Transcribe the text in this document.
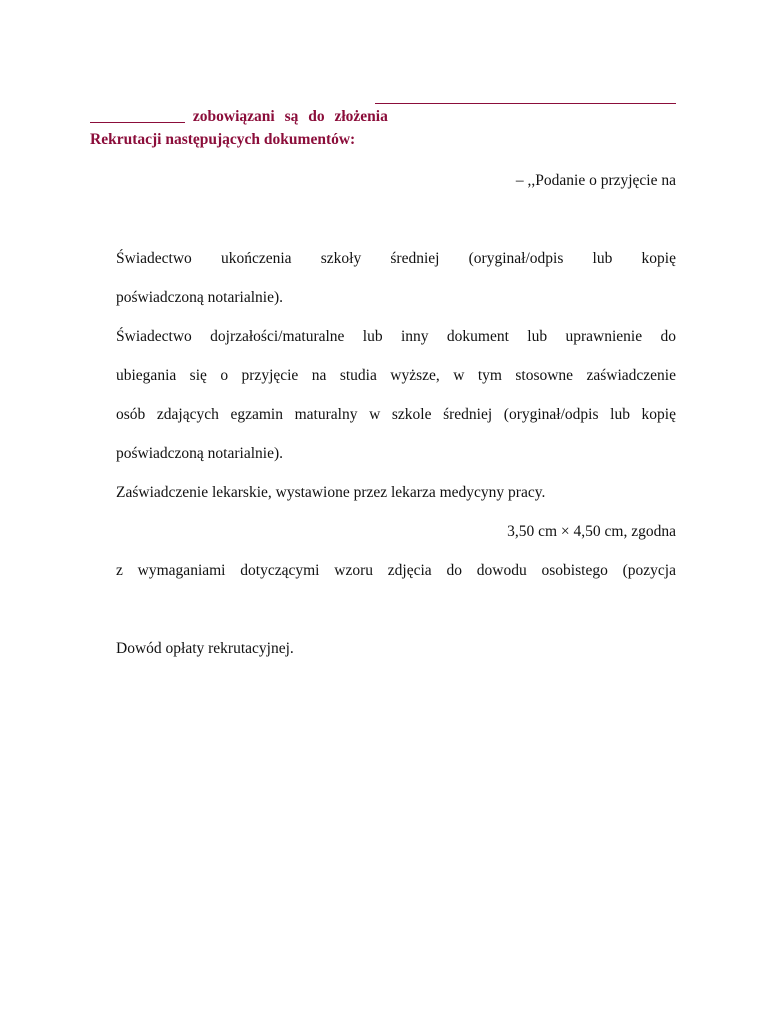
zobowiązani są do złożenia
Rekrutacji następujących dokumentów:
– ,,Podanie o przyjęcie na
Świadectwo ukończenia szkoły średniej (oryginał/odpis lub kopię
poświadczoną notarialnie).
Świadectwo dojrzałości/maturalne lub inny dokument lub uprawnienie do
ubiegania się o przyjęcie na studia wyższe, w tym stosowne zaświadczenie
osób zdających egzamin maturalny w szkole średniej (oryginał/odpis lub kopię
poświadczoną notarialnie).
Zaświadczenie lekarskie, wystawione przez lekarza medycyny pracy.
3,50 cm × 4,50 cm, zgodna
z wymaganiami dotyczącymi wzoru zdjęcia do dowodu osobistego (pozycja
Dowód opłaty rekrutacyjnej.
